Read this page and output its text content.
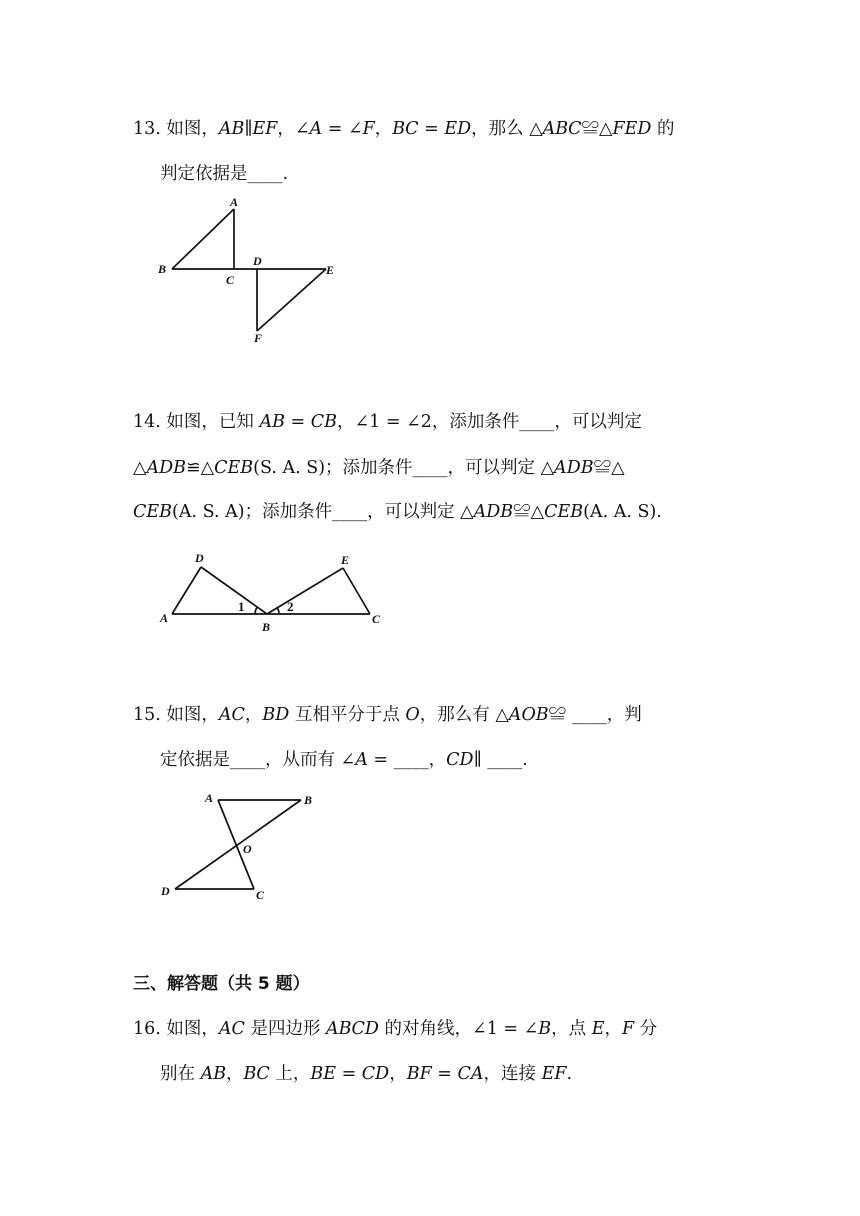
13. 如图，𝐴𝐵∥𝐸𝐹，∠𝐴 = ∠𝐹，𝐵𝐶 = 𝐸𝐷，那么 △𝐴𝐵𝐶≌△𝐹𝐸𝐷 的
判定依据是____.
A
B
C
D
E
F
14. 如图，已知 𝐴𝐵 = 𝐶𝐵，∠1 = ∠2，添加条件____，可以判定
△𝐴𝐷𝐵≌△𝐶𝐸𝐵(S. A. S)；添加条件____，可以判定 △𝐴𝐷𝐵≌△
𝐶𝐸𝐵(A. S. A)；添加条件____，可以判定 △𝐴𝐷𝐵≌△𝐶𝐸𝐵(A. A. S).
D
A
B
E
C
1	2
15. 如图，𝐴𝐶，𝐵𝐷 互相平分于点 𝑂，那么有 △𝐴𝑂𝐵≌ ____，判
定依据是____，从而有 ∠𝐴 = ____，𝐶𝐷∥ ____.
A	B
O
D	C
三、解答题（共 5 题）
16. 如图，𝐴𝐶 是四边形 𝐴𝐵𝐶𝐷 的对角线，∠1 = ∠𝐵，点 𝐸，𝐹 分
别在 𝐴𝐵，𝐵𝐶 上，𝐵𝐸 = 𝐶𝐷，𝐵𝐹 = 𝐶𝐴，连接 𝐸𝐹.
